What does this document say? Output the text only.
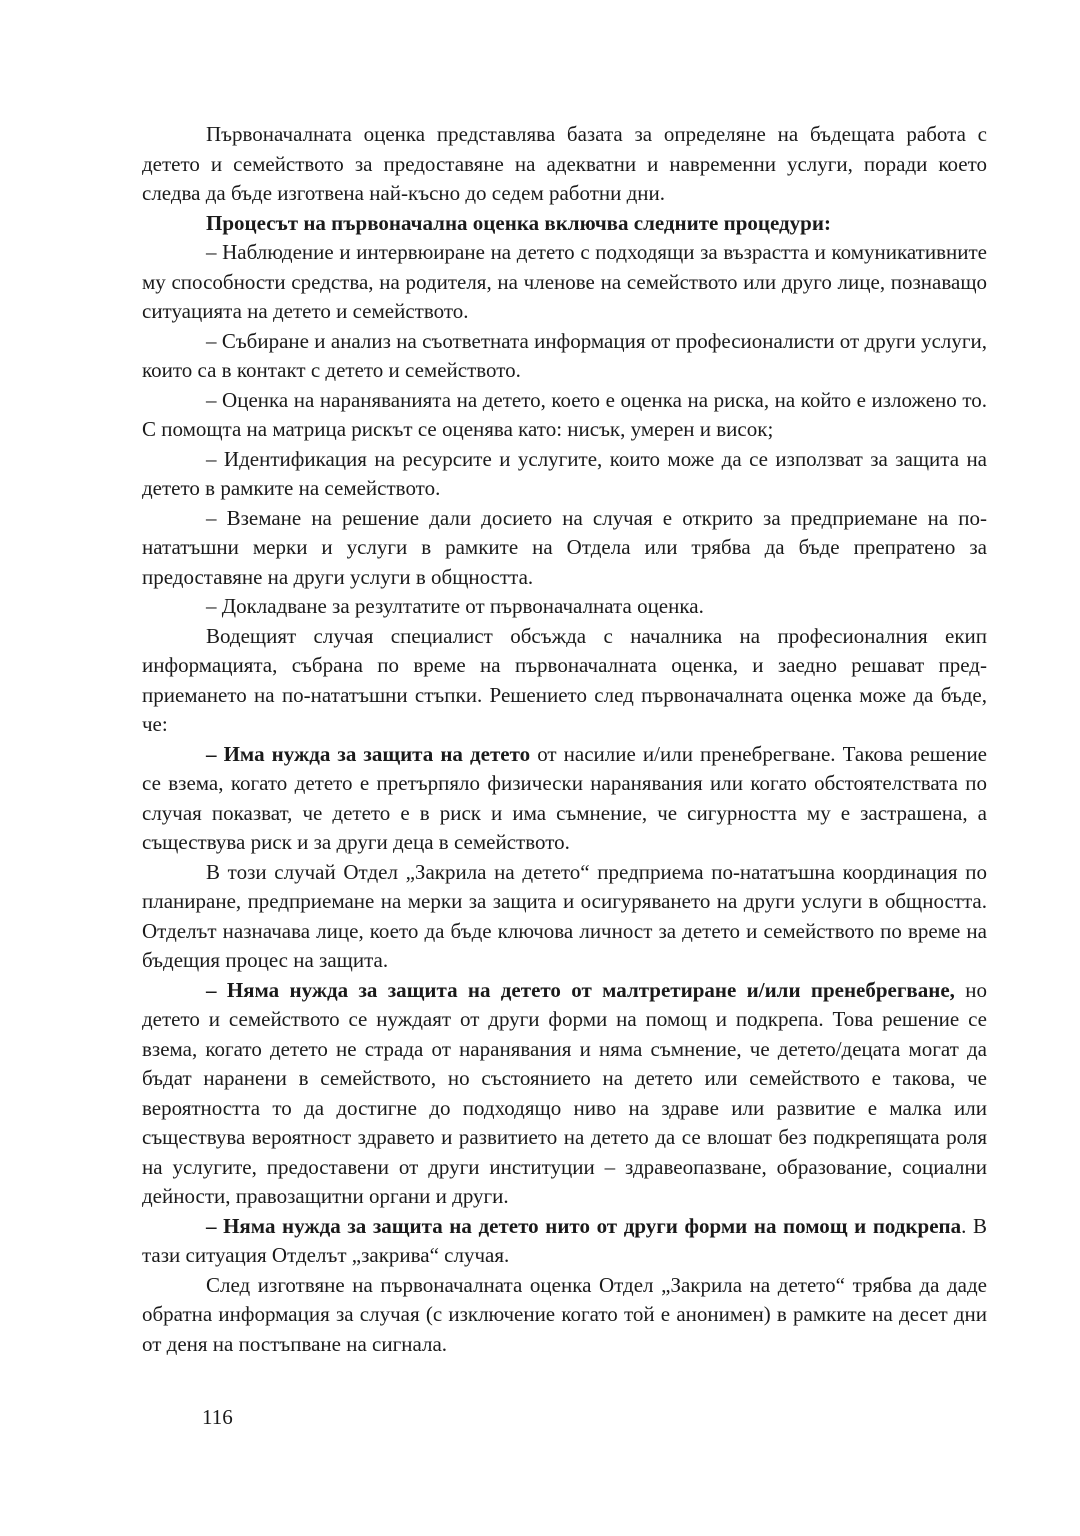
Първоначалната оценка представлява базата за определяне на бъдещата работа с детето и семейството за предоставяне на адекватни и навременни услуги, поради което следва да бъде изготвена най-късно до седем работни дни.

Процесът на първоначална оценка включва следните процедури:

– Наблюдение и интервюиране на детето с подходящи за възрастта и комуникативните му способности средства, на родителя, на членове на семейството или друго лице, познаващо ситуацията на детето и семейството.

– Събиране и анализ на съответната информация от професионалисти от други услуги, които са в контакт с детето и семейството.

– Оценка на нараняванията на детето, което е оценка на риска, на който е изложено то. С помощта на матрица рискът се оценява като: нисък, умерен и висок;

– Идентификация на ресурсите и услугите, които може да се използват за защита на детето в рамките на семейството.

– Вземане на решение дали досието на случая е открито за предприемане на по-нататъшни мерки и услуги в рамките на Отдела или трябва да бъде препратено за предоставяне на други услуги в общността.

– Докладване за резултатите от първоначалната оценка.

Водещият случая специалист обсъжда с началника на професионалния екип информацията, събрана по време на първоначалната оценка, и заедно решават предприемането на по-нататъшни стъпки. Решението след първоначалната оценка може да бъде, че:

– Има нужда за защита на детето от насилие и/или пренебрегване. Такова решение се взема, когато детето е претърпяло физически наранявания или когато обстоятелствата по случая показват, че детето е в риск и има съмнение, че сигурността му е застрашена, а съществува риск и за други деца в семейството.

В този случай Отдел „Закрила на детето“ предприема по-нататъшна координация по планиране, предприемане на мерки за защита и осигуряването на други услуги в общността. Отделът назначава лице, което да бъде ключова личност за детето и семейството по време на бъдещия процес на защита.

– Няма нужда за защита на детето от малтретиране и/или пренебрегване, но детето и семейството се нуждаят от други форми на помощ и подкрепа. Това решение се взема, когато детето не страда от наранявания и няма съмнение, че детето/децата могат да бъдат наранени в семейството, но състоянието на детето или семейството е такова, че вероятността то да достигне до подходящо ниво на здраве или развитие е малка или съществува вероятност здравето и развитието на детето да се влошат без подкрепящата роля на услугите, предоставени от други институции – здравеопазване, образование, социални дейности, правозащитни органи и други.

– Няма нужда за защита на детето нито от други форми на помощ и подкрепа. В тази ситуация Отделът „закрива“ случая.

След изготвяне на първоначалната оценка Отдел „Закрила на детето“ трябва да даде обратна информация за случая (с изключение когато той е анонимен) в рамките на десет дни от деня на постъпване на сигнала.

116
